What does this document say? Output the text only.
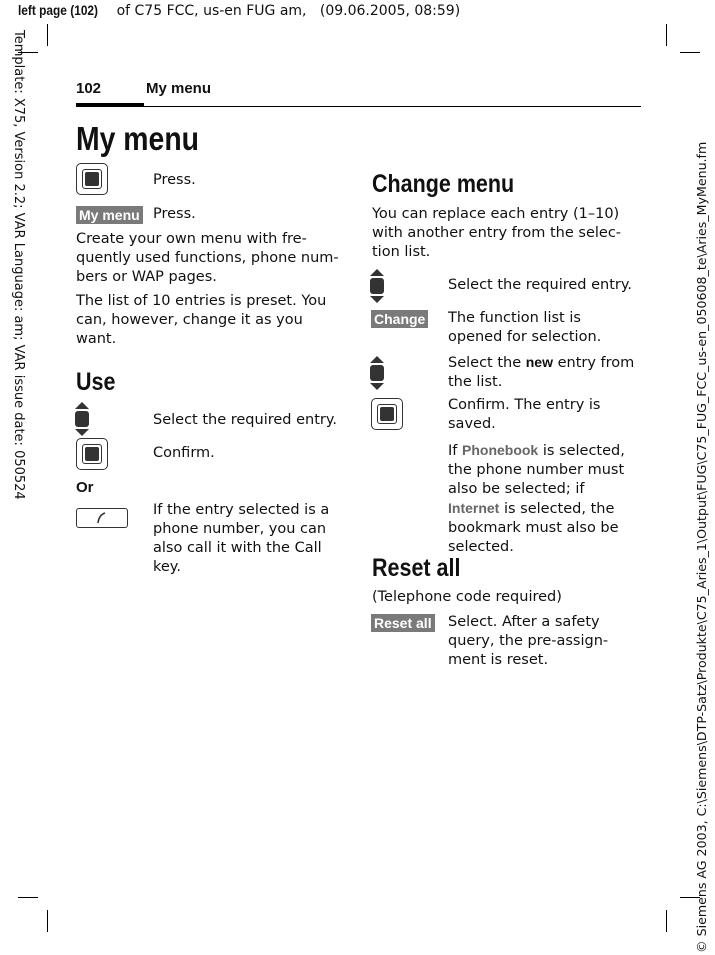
left page (102) of C75 FCC, us-en FUG am,   (09.06.2005, 08:59)
Template: X75, Version 2.2; VAR Language: am; VAR issue date: 050524	© Siemens AG 2003, C:\Siemens\DTP-Satz\Produkte\C75_Aries_1\Output\FUG\C75_FUG_FCC_us-en_050608_te\Aries_MyMenu.fm
102	My menu
My menu
Press.
My menu Press.
Create your own menu with fre-quently used functions, phone num-bers or WAP pages.
The list of 10 entries is preset. You can, however, change it as you want.
Use
Select the required entry.
Confirm.
Or
If the entry selected is a phone number, you can also call it with the Call key.
Change menu
You can replace each entry (1–10) with another entry from the selec-tion list.
Select the required entry.
Change The function list is opened for selection.
Select the new entry from the list.
Confirm. The entry is saved.
If Phonebook is selected, the phone number must also be selected; if Internet is selected, the bookmark must also be selected.
Reset all
(Telephone code required)
Reset all Select. After a safety query, the pre-assign-ment is reset.
